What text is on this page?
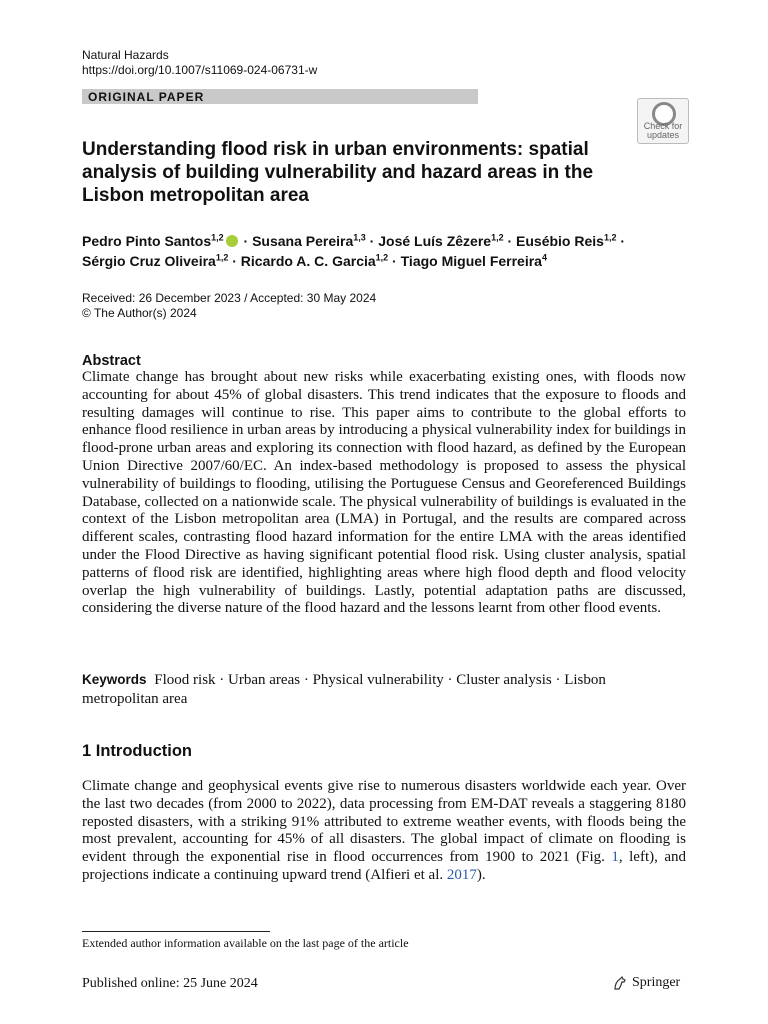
Natural Hazards
https://doi.org/10.1007/s11069-024-06731-w
ORIGINAL PAPER
Check for
updates
Understanding flood risk in urban environments: spatial analysis of building vulnerability and hazard areas in the Lisbon metropolitan area
Pedro Pinto Santos$^{1,2}$ · Susana Pereira$^{1,3}$ · José Luís Zêzere$^{1,2}$ · Eusébio Reis$^{1,2}$ ·
Sérgio Cruz Oliveira$^{1,2}$ · Ricardo A. C. Garcia$^{1,2}$ · Tiago Miguel Ferreira$^4$
Received: 26 December 2023 / Accepted: 30 May 2024
© The Author(s) 2024
Abstract
Climate change has brought about new risks while exacerbating existing ones, with floods now accounting for about 45% of global disasters. This trend indicates that the exposure to floods and resulting damages will continue to rise. This paper aims to contribute to the global efforts to enhance flood resilience in urban areas by introducing a physical vulnerability index for buildings in flood-prone urban areas and exploring its connection with flood hazard, as defined by the European Union Directive 2007/60/EC. An index-based methodology is proposed to assess the physical vulnerability of buildings to flooding, utilising the Portuguese Census and Georeferenced Buildings Database, collected on a nationwide scale. The physical vulnerability of buildings is evaluated in the context of the Lisbon metropolitan area (LMA) in Portugal, and the results are compared across different scales, contrasting flood hazard information for the entire LMA with the areas identified under the Flood Directive as having significant potential flood risk. Using cluster analysis, spatial patterns of flood risk are identified, highlighting areas where high flood depth and flood velocity overlap the high vulnerability of buildings. Lastly, potential adaptation paths are discussed, considering the diverse nature of the flood hazard and the lessons learnt from other flood events.
Keywords Flood risk · Urban areas · Physical vulnerability · Cluster analysis · Lisbon metropolitan area
1 Introduction
Climate change and geophysical events give rise to numerous disasters worldwide each year. Over the last two decades (from 2000 to 2022), data processing from EM-DAT reveals a staggering 8180 reposted disasters, with a striking 91% attributed to extreme weather events, with floods being the most prevalent, accounting for 45% of all disasters. The global impact of climate on flooding is evident through the exponential rise in flood occurrences from 1900 to 2021 (Fig. 1, left), and projections indicate a continuing upward trend (Alfieri et al. 2017).
Extended author information available on the last page of the article
Published online: 25 June 2024	Springer
